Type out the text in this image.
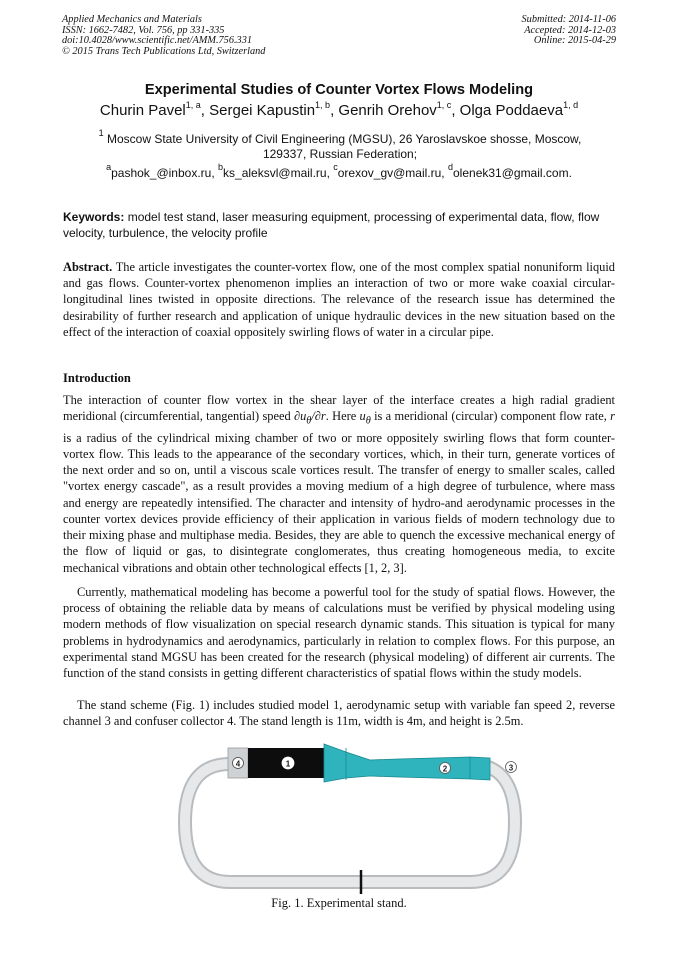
Applied Mechanics and Materials
ISSN: 1662-7482, Vol. 756, pp 331-335
doi:10.4028/www.scientific.net/AMM.756.331
© 2015 Trans Tech Publications Ltd, Switzerland
Submitted: 2014-11-06
Accepted: 2014-12-03
Online: 2015-04-29
Experimental Studies of Counter Vortex Flows Modeling
Churin Pavel$^{1, a}$, Sergei Kapustin$^{1, b}$, Genrih Orehov$^{1, c}$, Olga Poddaeva$^{1, d}$
$^1$ Moscow State University of Civil Engineering (MGSU), 26 Yaroslavskoe shosse, Moscow, 129337, Russian Federation;
$^a$pashok_@inbox.ru, $^b$ks_aleksvl@mail.ru, $^c$orexov_gv@mail.ru, $^d$olenek31@gmail.com.
Keywords: model test stand, laser measuring equipment, processing of experimental data, flow, flow velocity, turbulence, the velocity profile

Abstract. The article investigates the counter-vortex flow, one of the most complex spatial nonuniform liquid and gas flows. Counter-vortex phenomenon implies an interaction of two or more wake coaxial circular-longitudinal lines twisted in opposite directions. The relevance of the research issue has determined the desirability of further research and application of unique hydraulic devices in the new situation based on the effect of the interaction of coaxial oppositely swirling flows of water in a circular pipe.

Introduction

The interaction of counter flow vortex in the shear layer of the interface creates a high radial gradient meridional (circumferential, tangential) speed $\partial u_\theta/\partial r$. Here $u_\theta$ is a meridional (circular) component flow rate, r is a radius of the cylindrical mixing chamber of two or more oppositely swirling flows that form counter-vortex flow. This leads to the appearance of the secondary vortices, which, in their turn, generate vortices of the next order and so on, until a viscous scale vortices result. The transfer of energy to smaller scales, called "vortex energy cascade", as a result provides a moving medium of a high degree of turbulence, where mass and energy are repeatedly intensified. The character and intensity of hydro-and aerodynamic processes in the counter vortex devices provide efficiency of their application in various fields of modern technology due to their mixing phase and multiphase media. Besides, they are able to quench the excessive mechanical energy of the flow of liquid or gas, to disintegrate conglomerates, thus creating homogeneous media, to excite mechanical vibrations and obtain other technological effects [1, 2, 3].

Currently, mathematical modeling has become a powerful tool for the study of spatial flows. However, the process of obtaining the reliable data by means of calculations must be verified by physical modeling using modern methods of flow visualization on special research dynamic stands. This situation is typical for many problems in hydrodynamics and aerodynamics, particularly in relation to complex flows. For this purpose, an experimental stand MGSU has been created for the research (physical modeling) of different air currents. The function of the stand consists in getting different characteristics of spatial flows within the study models.

The stand scheme (Fig. 1) includes studied model 1, aerodynamic setup with variable fan speed 2, reverse channel 3 and confuser collector 4. The stand length is 11m, width is 4m, and height is 2.5m.

4	1
2	3
Fig. 1. Experimental stand.
